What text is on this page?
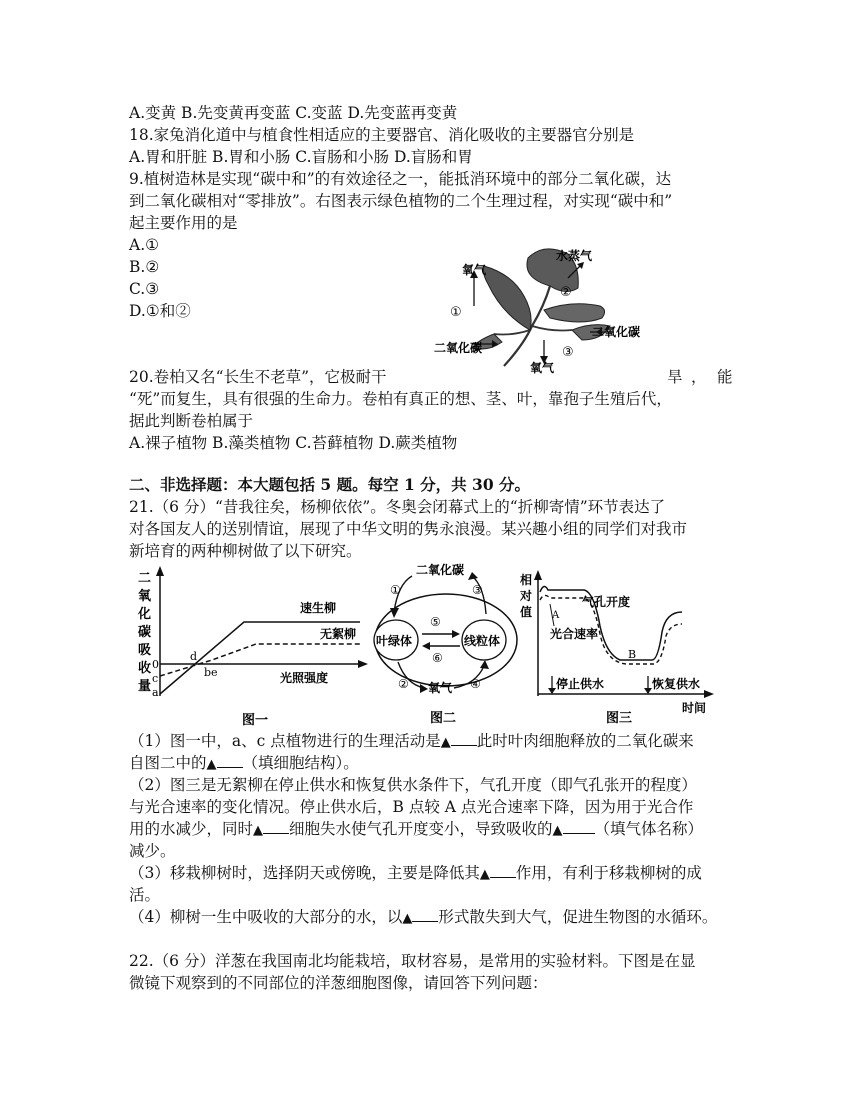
A.变黄 B.先变黄再变蓝 C.变蓝 D.先变蓝再变黄
18.家兔消化道中与植食性相适应的主要器官、消化吸收的主要器官分别是
A.胃和肝脏 B.胃和小肠 C.盲肠和小肠 D.盲肠和胃
9.植树造林是实现“碳中和”的有效途径之一，能抵消环境中的部分二氧化碳，达
到二氧化碳相对“零排放”。右图表示绿色植物的二个生理过程，对实现“碳中和”
起主要作用的是
A.①
B.②
C.③
D.①和②
氧气
水蒸气
二氧化碳
二氧化碳
氧气
①
②
③
20.卷柏又名“长生不老草”，它极耐干	旱 ， 能
“死”而复生，具有很强的生命力。卷柏有真正的想、茎、叶，靠孢子生殖后代，
据此判断卷柏属于
A.裸子植物 B.藻类植物 C.苔藓植物 D.蕨类植物
二、非选择题：本大题包括 5 题。每空 1 分，共 30 分。
21.（6 分）“昔我往矣，杨柳依依”。冬奥会闭幕式上的“折柳寄情”环节表达了
对各国友人的送别情谊，展现了中华文明的隽永浪漫。某兴趣小组的同学们对我市
新培育的两种柳树做了以下研究。
二
氧
化
碳
吸
收
量
速生柳
无絮柳
光照强度
0
c
a
d
be
图一
叶绿体	线粒体
⑤
⑥
二氧化碳
①	③
氧气
②	④
图二
相
对
值
气孔开度
光合速率
A
B
停止供水	恢复供水
时间
图三
（1）图一中，a、c 点植物进行的生理活动是▲ 此时叶肉细胞释放的二氧化碳来
自图二中的▲ （填细胞结构）。
（2）图三是无絮柳在停止供水和恢复供水条件下，气孔开度（即气孔张开的程度）
与光合速率的变化情况。停止供水后，B 点较 A 点光合速率下降，因为用于光合作
用的水减少，同时▲ 细胞失水使气孔开度变小，导致吸收的▲ （填气体名称）
减少。
（3）移栽柳树时，选择阴天或傍晚，主要是降低其▲ 作用，有利于移栽柳树的成
活。
（4）柳树一生中吸收的大部分的水，以▲ 形式散失到大气，促进生物图的水循环。
22.（6 分）洋葱在我国南北均能栽培，取材容易，是常用的实验材料。下图是在显
微镜下观察到的不同部位的洋葱细胞图像，请回答下列问题：
